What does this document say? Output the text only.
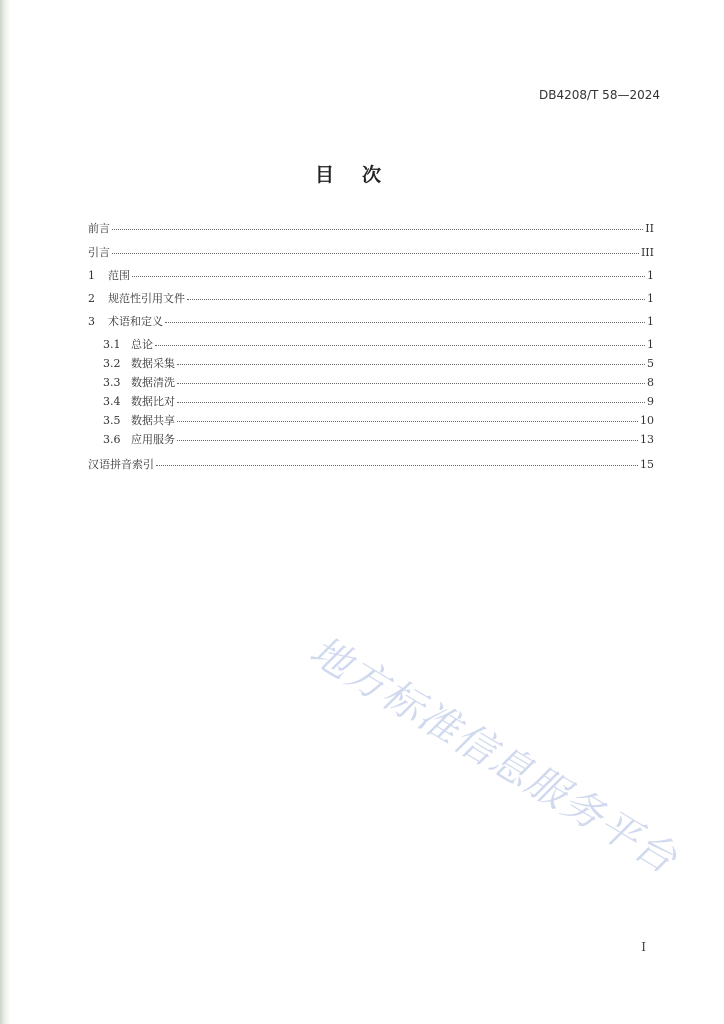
DB4208/T 58—2024
目次
前言	II
引言	III
1	范围	1
2	规范性引用文件	1
3	术语和定义	1
3.1 总论	1
3.2 数据采集	5
3.3 数据清洗	8
3.4 数据比对	9
3.5 数据共享	10
3.6 应用服务	13
汉语拼音索引	15
地方标准信息服务平台
I
